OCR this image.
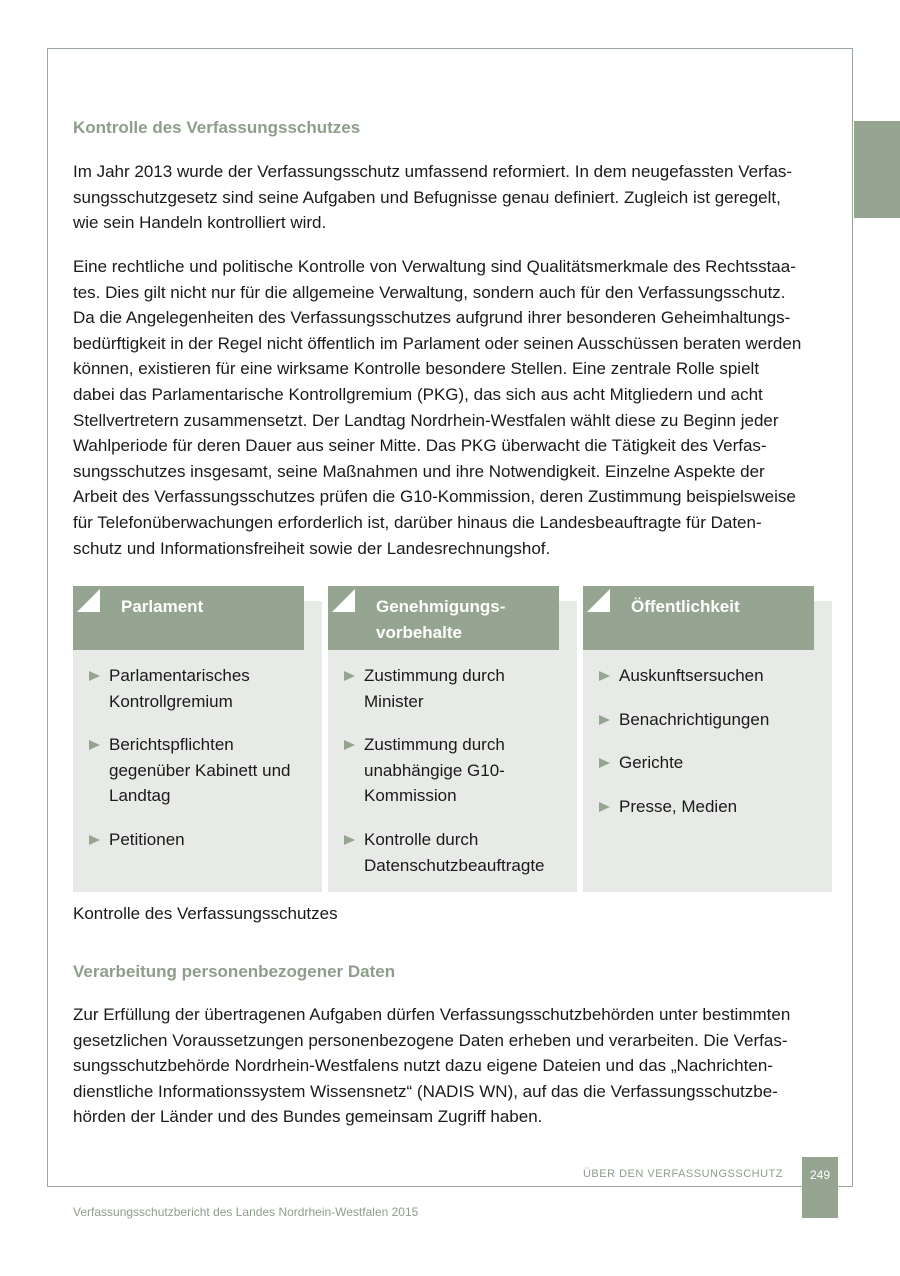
Kontrolle des Verfassungsschutzes

Im Jahr 2013 wurde der Verfassungsschutz umfassend reformiert. In dem neugefassten Verfas-
sungsschutzgesetz sind seine Aufgaben und Befugnisse genau definiert. Zugleich ist geregelt,
wie sein Handeln kontrolliert wird.

Eine rechtliche und politische Kontrolle von Verwaltung sind Qualitätsmerkmale des Rechtsstaa-
tes. Dies gilt nicht nur für die allgemeine Verwaltung, sondern auch für den Verfassungsschutz.
Da die Angelegenheiten des Verfassungsschutzes aufgrund ihrer besonderen Geheimhaltungs-
bedürftigkeit in der Regel nicht öffentlich im Parlament oder seinen Ausschüssen beraten werden
können, existieren für eine wirksame Kontrolle besondere Stellen. Eine zentrale Rolle spielt
dabei das Parlamentarische Kontrollgremium (PKG), das sich aus acht Mitgliedern und acht
Stellvertretern zusammensetzt. Der Landtag Nordrhein-Westfalen wählt diese zu Beginn jeder
Wahlperiode für deren Dauer aus seiner Mitte. Das PKG überwacht die Tätigkeit des Verfas-
sungsschutzes insgesamt, seine Maßnahmen und ihre Notwendigkeit. Einzelne Aspekte der
Arbeit des Verfassungsschutzes prüfen die G10-Kommission, deren Zustimmung beispielsweise
für Telefonüberwachungen erforderlich ist, darüber hinaus die Landesbeauftragte für Daten-
schutz und Informationsfreiheit sowie der Landesrechnungshof.

Parlament
Parlamentarisches
Kontrollgremium
Berichtspflichten
gegenüber Kabinett und
Landtag
Petitionen
Genehmigungs-
vorbehalte
Zustimmung durch
Minister
Zustimmung durch
unabhängige G10-
Kommission
Kontrolle durch
Datenschutzbeauftragte
Öffentlichkeit
Auskunftsersuchen
Benachrichtigungen
Gerichte
Presse, Medien

Kontrolle des Verfassungsschutzes

Verarbeitung personenbezogener Daten

Zur Erfüllung der übertragenen Aufgaben dürfen Verfassungsschutzbehörden unter bestimmten
gesetzlichen Voraussetzungen personenbezogene Daten erheben und verarbeiten. Die Verfas-
sungsschutzbehörde Nordrhein-Westfalens nutzt dazu eigene Dateien und das „Nachrichten-
dienstliche Informationssystem Wissensnetz“ (NADIS WN), auf das die Verfassungsschutzbe-
hörden der Länder und des Bundes gemeinsam Zugriff haben.

ÜBER DEN VERFASSUNGSSCHUTZ	249
Verfassungsschutzbericht des Landes Nordrhein-Westfalen 2015
